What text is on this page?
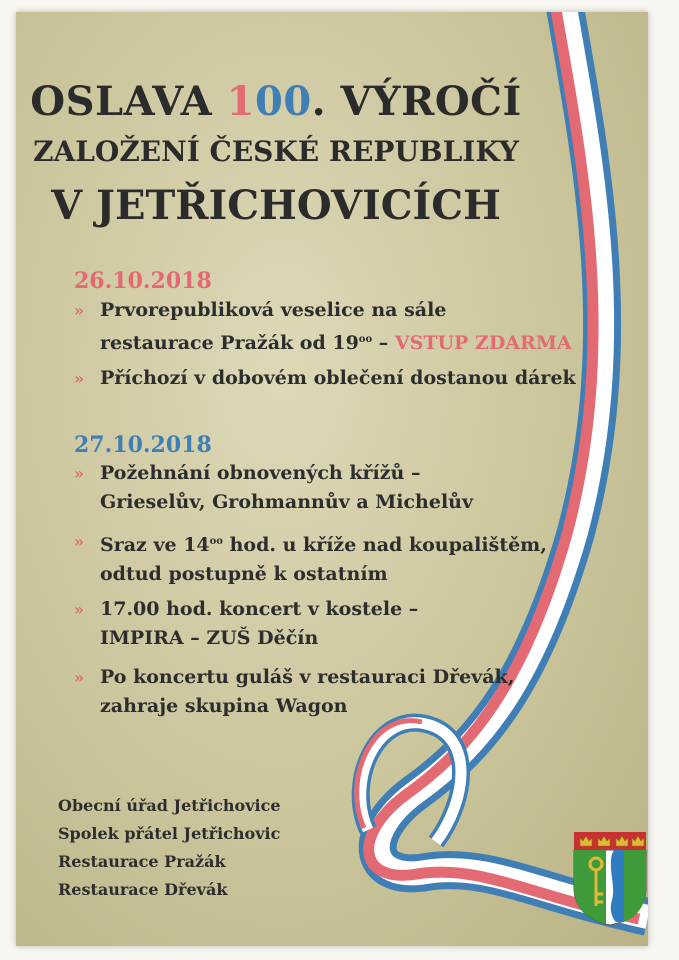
OSLAVA 100. VÝROČÍ
ZALOŽENÍ ČESKÉ REPUBLIKY
V JETŘICHOVICÍCH
26.10.2018
» Prvorepubliková veselice na sále
restaurace Pražák od $19^{oo}$ – VSTUP ZDARMA
» Příchozí v dobovém oblečení dostanou dárek
27.10.2018
» Požehnání obnovených křížů –
Grieselův, Grohmannův a Michelův
» Sraz ve $14^{oo}$ hod. u kříže nad koupalištěm,
odtud postupně k ostatním
» 17.00 hod. koncert v kostele –
IMPIRA – ZUŠ Děčín
» Po koncertu guláš v restauraci Dřevák,
zahraje skupina Wagon
Obecní úřad Jetřichovice
Spolek přátel Jetřichovic
Restaurace Pražák
Restaurace Dřevák
